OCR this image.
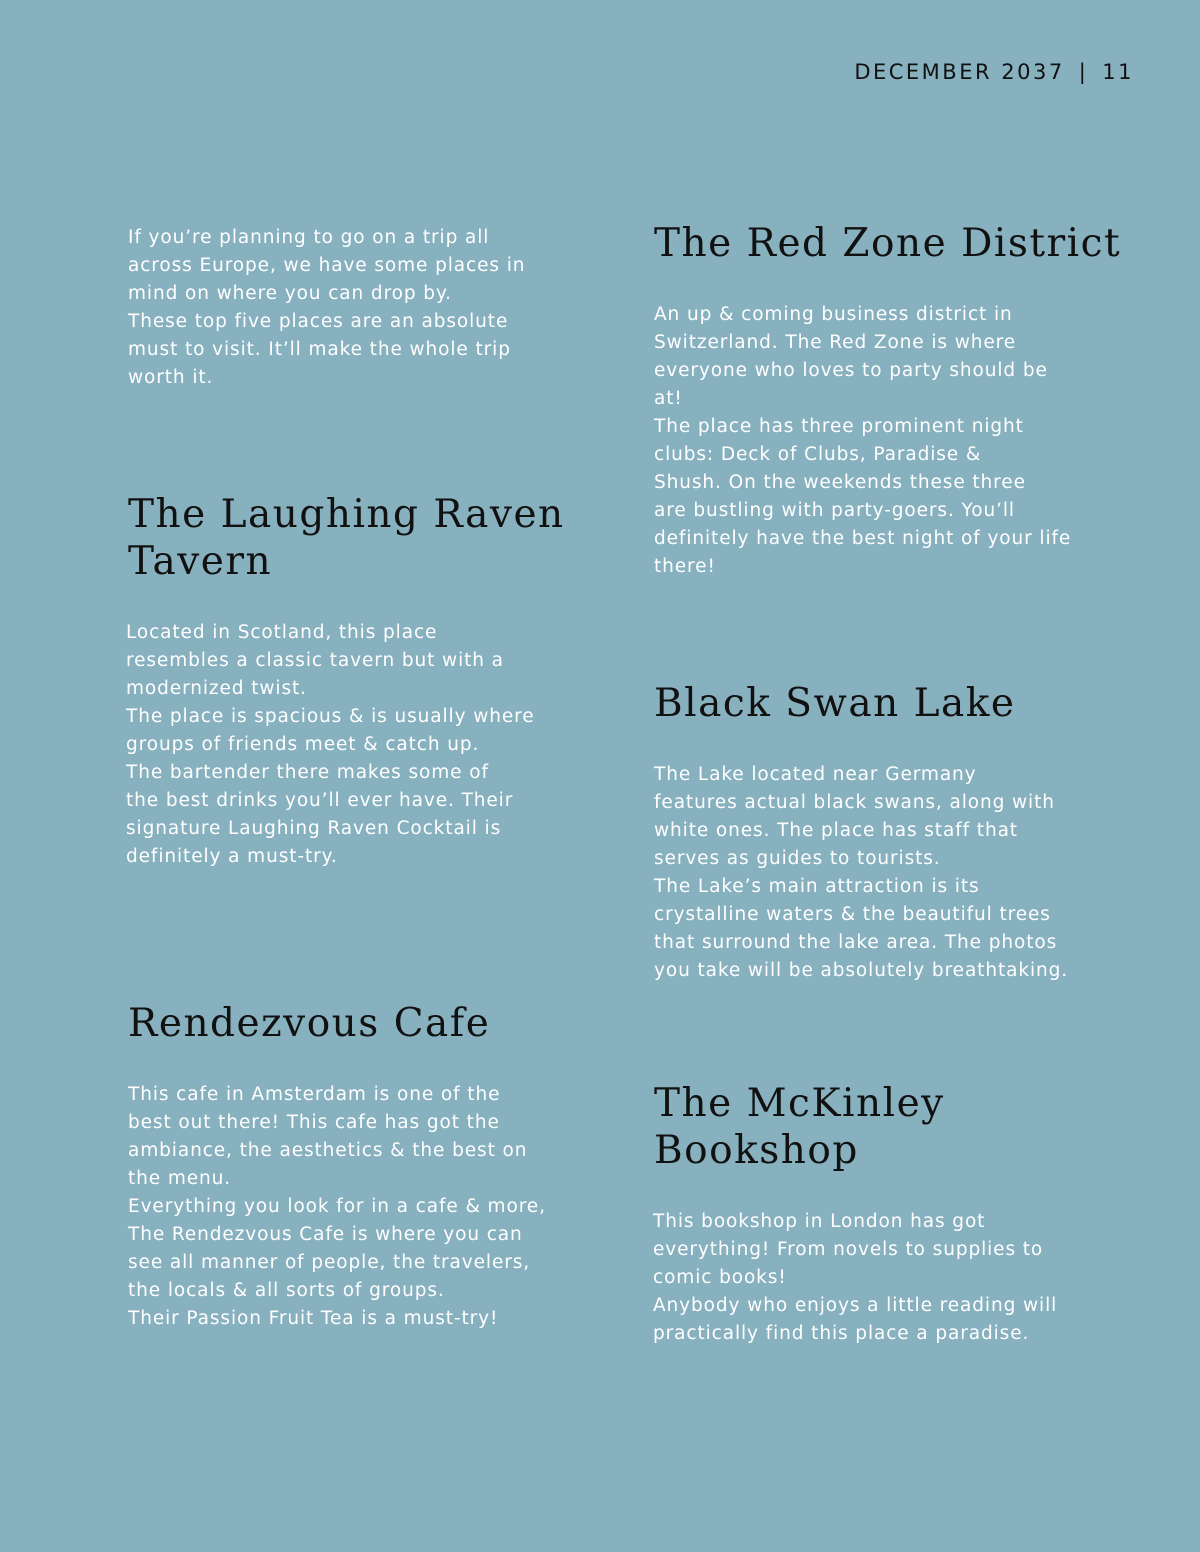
DECEMBER 2037 | 11

If you’re planning to go on a trip all
across Europe, we have some places in
mind on where you can drop by.
These top five places are an absolute
must to visit. It’ll make the whole trip
worth it.

The Red Zone District

An up & coming business district in
Switzerland. The Red Zone is where
everyone who loves to party should be
at!
The place has three prominent night
clubs: Deck of Clubs, Paradise &
Shush. On the weekends these three
are bustling with party-goers. You’ll
definitely have the best night of your life
there!

The Laughing Raven
Tavern

Located in Scotland, this place
resembles a classic tavern but with a
modernized twist.
The place is spacious & is usually where
groups of friends meet & catch up.
The bartender there makes some of
the best drinks you’ll ever have. Their
signature Laughing Raven Cocktail is
definitely a must-try.

Black Swan Lake

The Lake located near Germany
features actual black swans, along with
white ones. The place has staff that
serves as guides to tourists.
The Lake’s main attraction is its
crystalline waters & the beautiful trees
that surround the lake area. The photos
you take will be absolutely breathtaking.

Rendezvous Cafe

This cafe in Amsterdam is one of the
best out there! This cafe has got the
ambiance, the aesthetics & the best on
the menu.
Everything you look for in a cafe & more,
The Rendezvous Cafe is where you can
see all manner of people, the travelers,
the locals & all sorts of groups.
Their Passion Fruit Tea is a must-try!

The McKinley
Bookshop

This bookshop in London has got
everything! From novels to supplies to
comic books!
Anybody who enjoys a little reading will
practically find this place a paradise.
